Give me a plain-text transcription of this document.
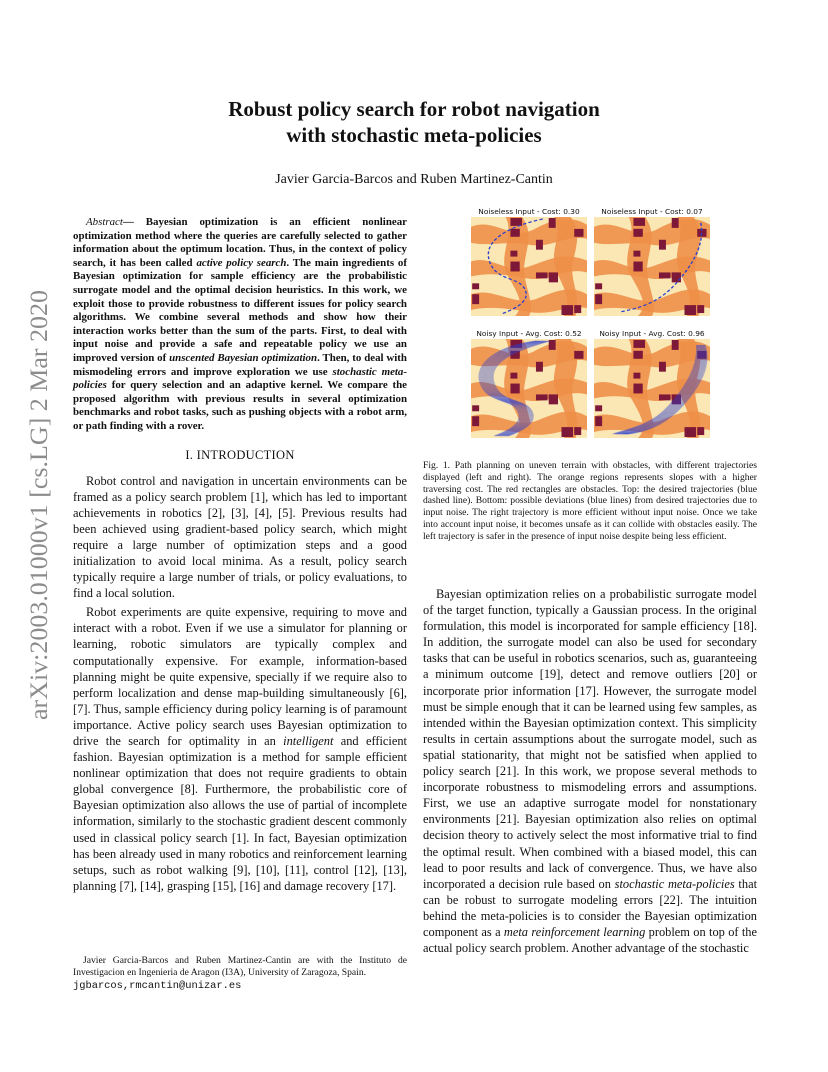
arXiv:2003.01000v1 [cs.LG] 2 Mar 2020
Robust policy search for robot navigation
with stochastic meta-policies
Javier Garcia-Barcos and Ruben Martinez-Cantin

Abstract— Bayesian optimization is an efficient nonlinear optimization method where the queries are carefully selected to gather information about the optimum location. Thus, in the context of policy search, it has been called active policy search. The main ingredients of Bayesian optimization for sample efficiency are the probabilistic surrogate model and the optimal decision heuristics. In this work, we exploit those to provide robustness to different issues for policy search algorithms. We combine several methods and show how their interaction works better than the sum of the parts. First, to deal with input noise and provide a safe and repeatable policy we use an improved version of unscented Bayesian optimization. Then, to deal with mismodeling errors and improve exploration we use stochastic meta-policies for query selection and an adaptive kernel. We compare the proposed algorithm with previous results in several optimization benchmarks and robot tasks, such as pushing objects with a robot arm, or path finding with a rover.

I. INTRODUCTION

Robot control and navigation in uncertain environments can be framed as a policy search problem [1], which has led to important achievements in robotics [2], [3], [4], [5]. Previous results had been achieved using gradient-based policy search, which might require a large number of optimization steps and a good initialization to avoid local minima. As a result, policy search typically require a large number of trials, or policy evaluations, to find a local solution.

Robot experiments are quite expensive, requiring to move and interact with a robot. Even if we use a simulator for planning or learning, robotic simulators are typically complex and computationally expensive. For example, information-based planning might be quite expensive, specially if we require also to perform localization and dense map-building simultaneously [6], [7]. Thus, sample efficiency during policy learning is of paramount importance. Active policy search uses Bayesian optimization to drive the search for optimality in an intelligent and efficient fashion. Bayesian optimization is a method for sample efficient nonlinear optimization that does not require gradients to obtain global convergence [8]. Furthermore, the probabilistic core of Bayesian optimization also allows the use of partial of incomplete information, similarly to the stochastic gradient descent commonly used in classical policy search [1]. In fact, Bayesian optimization has been already used in many robotics and reinforcement learning setups, such as robot walking [9], [10], [11], control [12], [13], planning [7], [14], grasping [15], [16] and damage recovery [17].

Javier Garcia-Barcos and Ruben Martinez-Cantin are with the Instituto de Investigacion en Ingenieria de Aragon (I3A), University of Zaragoza, Spain.
jgbarcos,rmcantin@unizar.es
Noiseless Input - Cost: 0.30	Noiseless Input - Cost: 0.07
Noisy Input - Avg. Cost: 0.52	Noisy Input - Avg. Cost: 0.96
Fig. 1. Path planning on uneven terrain with obstacles, with different trajectories displayed (left and right). The orange regions represents slopes with a higher traversing cost. The red rectangles are obstacles. Top: the desired trajectories (blue dashed line). Bottom: possible deviations (blue lines) from desired trajectories due to input noise. The right trajectory is more efficient without input noise. Once we take into account input noise, it becomes unsafe as it can collide with obstacles easily. The left trajectory is safer in the presence of input noise despite being less efficient.

Bayesian optimization relies on a probabilistic surrogate model of the target function, typically a Gaussian process. In the original formulation, this model is incorporated for sample efficiency [18]. In addition, the surrogate model can also be used for secondary tasks that can be useful in robotics scenarios, such as, guaranteeing a minimum outcome [19], detect and remove outliers [20] or incorporate prior information [17]. However, the surrogate model must be simple enough that it can be learned using few samples, as intended within the Bayesian optimization context. This simplicity results in certain assumptions about the surrogate model, such as spatial stationarity, that might not be satisfied when applied to policy search [21]. In this work, we propose several methods to incorporate robustness to mismodeling errors and assumptions. First, we use an adaptive surrogate model for nonstationary environments [21]. Bayesian optimization also relies on optimal decision theory to actively select the most informative trial to find the optimal result. When combined with a biased model, this can lead to poor results and lack of convergence. Thus, we have also incorporated a decision rule based on stochastic meta-policies that can be robust to surrogate modeling errors [22]. The intuition behind the meta-policies is to consider the Bayesian optimization component as a meta reinforcement learning problem on top of the actual policy search problem. Another advantage of the stochastic
